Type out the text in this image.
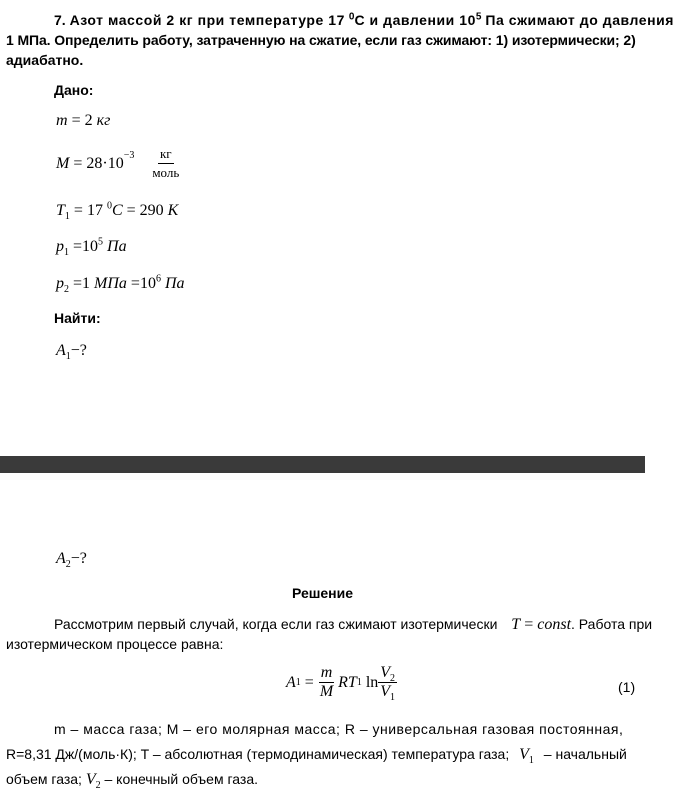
7. Азот массой 2 кг при температуре 17 $^0$С и давлении $10^5$ Па сжимают до давления
1 МПа. Определить работу, затраченную на сжатие, если газ сжимают: 1) изотермически; 2)
адиабатно.
Дано:
m = 2 кг
M
=
$28\cdot 10^{-3} \frac{кг}{\text{моль}}$
$T_1 = 17$ $^0$C = 290 K
$p_1 =10^5$ Па
$p_2 =1$ МПа $=10^6$ Па
Найти:
$A_1-$?
$A_2-$?
Решение
Рассмотрим первый случай, когда если газ сжимают изотермически T = const. Работа при
изотермическом процессе равна:
A 1
=
$\frac{m}{M}$ RT 1 $\ln \frac{V_2}{V_1}$	(1)
m – масса газа; M – его молярная масса; R – универсальная газовая постоянная,
R=8,31 Дж/(моль·К); T – абсолютная (термодинамическая) температура газа; $V_1$ – начальный
объем газа; $V_2$ – конечный объем газа.
